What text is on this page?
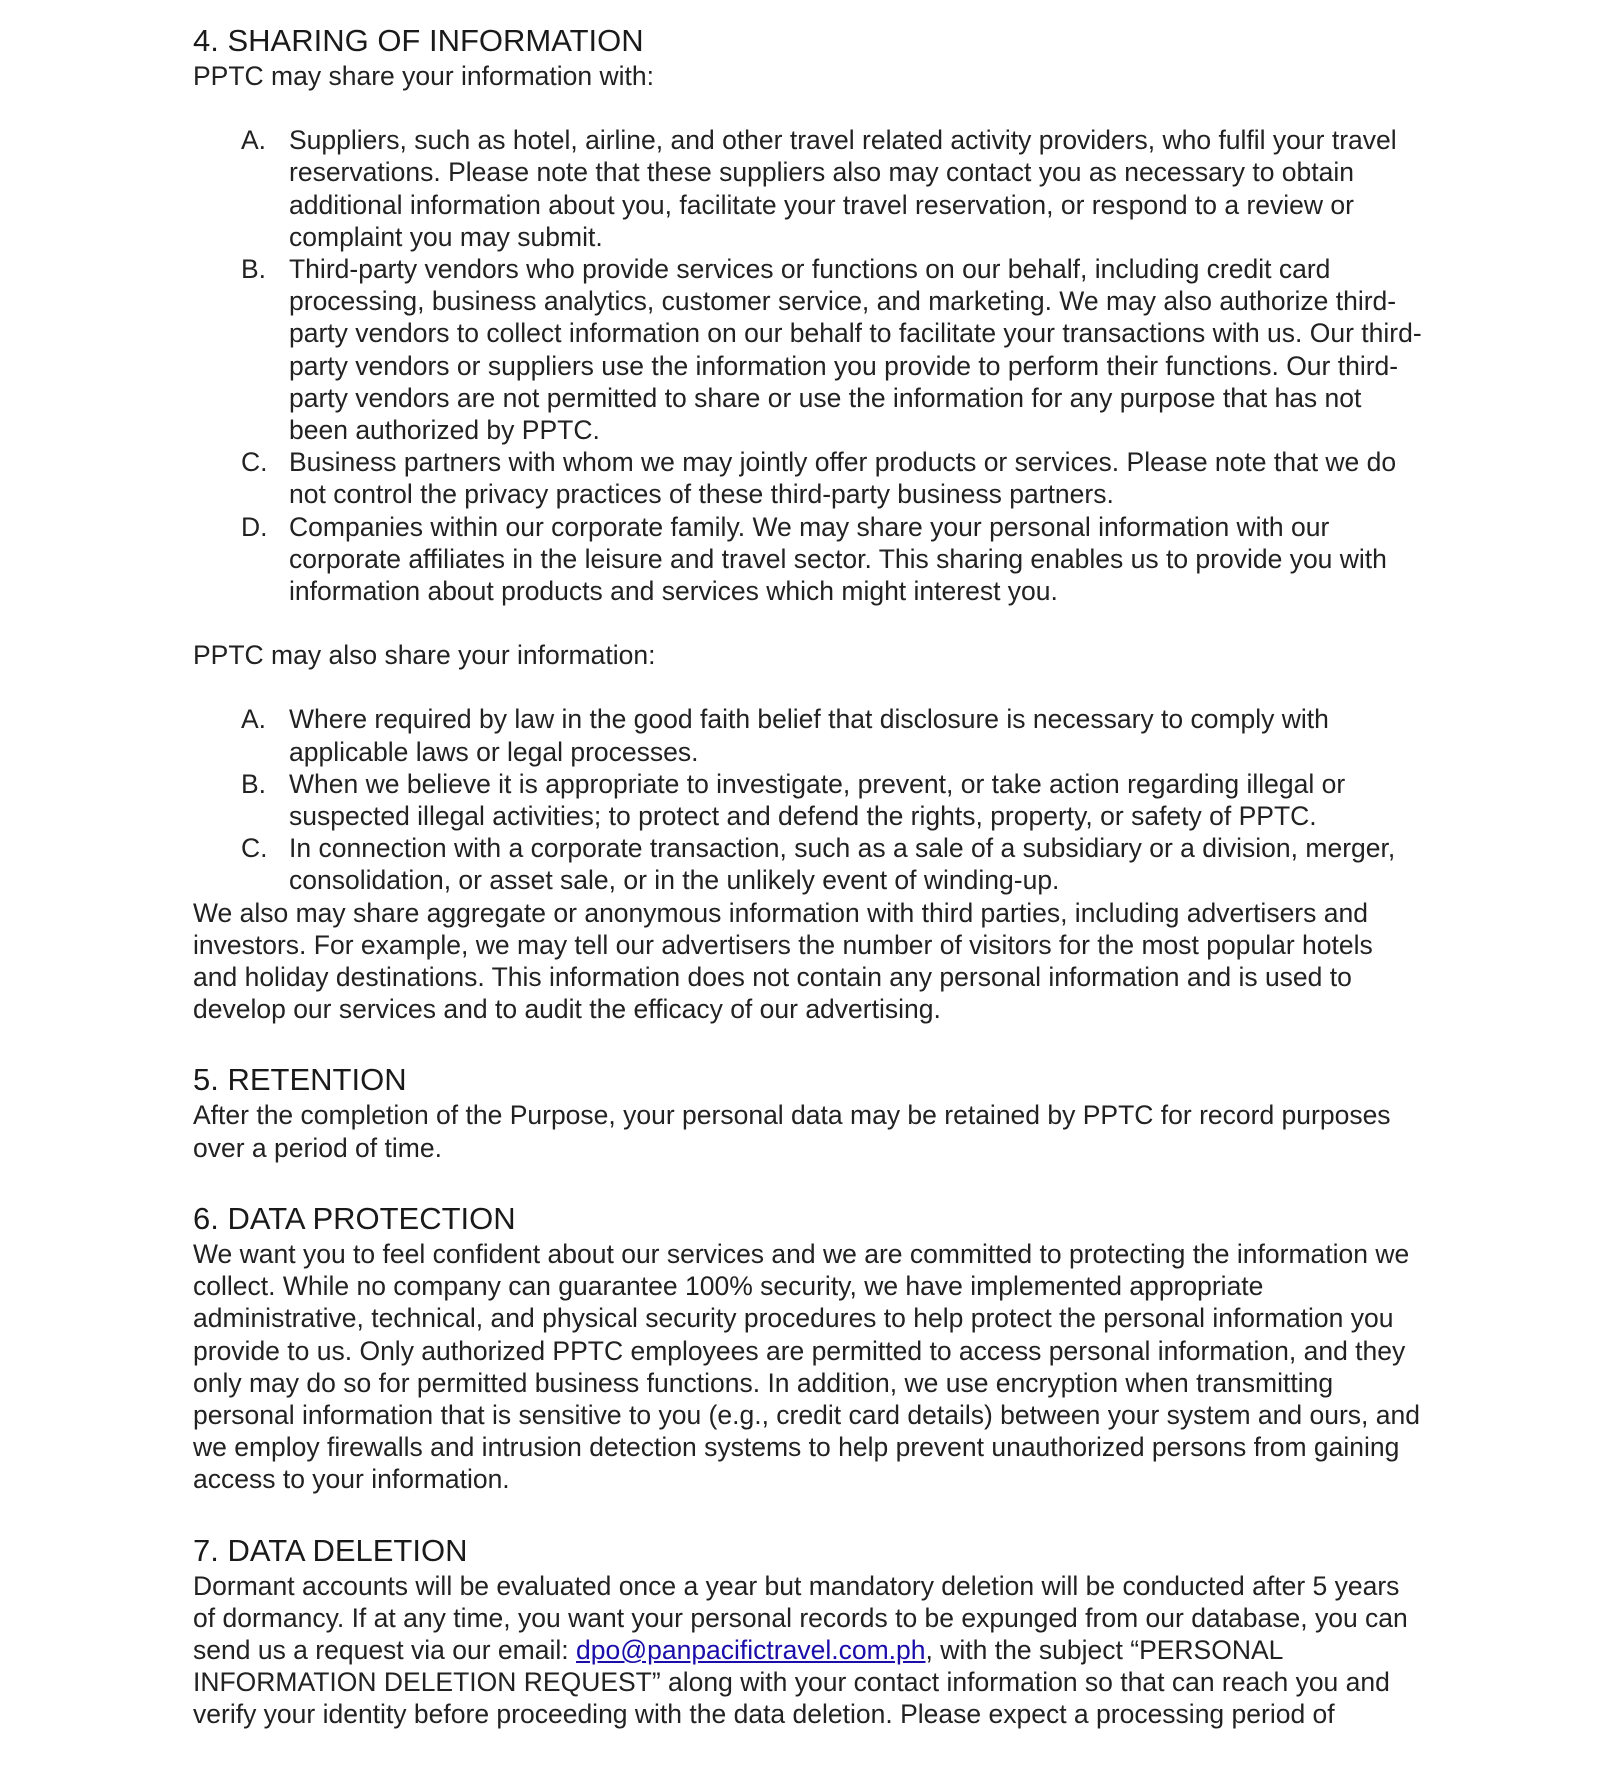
4. SHARING OF INFORMATION

PPTC may share your information with:

A. Suppliers, such as hotel, airline, and other travel related activity providers, who fulfil your travel reservations. Please note that these suppliers also may contact you as necessary to obtain additional information about you, facilitate your travel reservation, or respond to a review or complaint you may submit.
B. Third-party vendors who provide services or functions on our behalf, including credit card processing, business analytics, customer service, and marketing. We may also authorize third-party vendors to collect information on our behalf to facilitate your transactions with us. Our third-party vendors or suppliers use the information you provide to perform their functions. Our third-party vendors are not permitted to share or use the information for any purpose that has not been authorized by PPTC.
C. Business partners with whom we may jointly offer products or services. Please note that we do not control the privacy practices of these third-party business partners.
D. Companies within our corporate family. We may share your personal information with our corporate affiliates in the leisure and travel sector. This sharing enables us to provide you with information about products and services which might interest you.

PPTC may also share your information:

A. Where required by law in the good faith belief that disclosure is necessary to comply with applicable laws or legal processes.
B. When we believe it is appropriate to investigate, prevent, or take action regarding illegal or suspected illegal activities; to protect and defend the rights, property, or safety of PPTC.
C. In connection with a corporate transaction, such as a sale of a subsidiary or a division, merger, consolidation, or asset sale, or in the unlikely event of winding-up.

We also may share aggregate or anonymous information with third parties, including advertisers and investors. For example, we may tell our advertisers the number of visitors for the most popular hotels and holiday destinations. This information does not contain any personal information and is used to develop our services and to audit the efficacy of our advertising.

5. RETENTION

After the completion of the Purpose, your personal data may be retained by PPTC for record purposes over a period of time.

6. DATA PROTECTION

We want you to feel confident about our services and we are committed to protecting the information we collect. While no company can guarantee 100% security, we have implemented appropriate administrative, technical, and physical security procedures to help protect the personal information you provide to us. Only authorized PPTC employees are permitted to access personal information, and they only may do so for permitted business functions. In addition, we use encryption when transmitting personal information that is sensitive to you (e.g., credit card details) between your system and ours, and we employ firewalls and intrusion detection systems to help prevent unauthorized persons from gaining access to your information.

7. DATA DELETION

Dormant accounts will be evaluated once a year but mandatory deletion will be conducted after 5 years of dormancy. If at any time, you want your personal records to be expunged from our database, you can send us a request via our email: dpo@panpacifictravel.com.ph, with the subject “PERSONAL INFORMATION DELETION REQUEST” along with your contact information so that can reach you and verify your identity before proceeding with the data deletion. Please expect a processing period of
